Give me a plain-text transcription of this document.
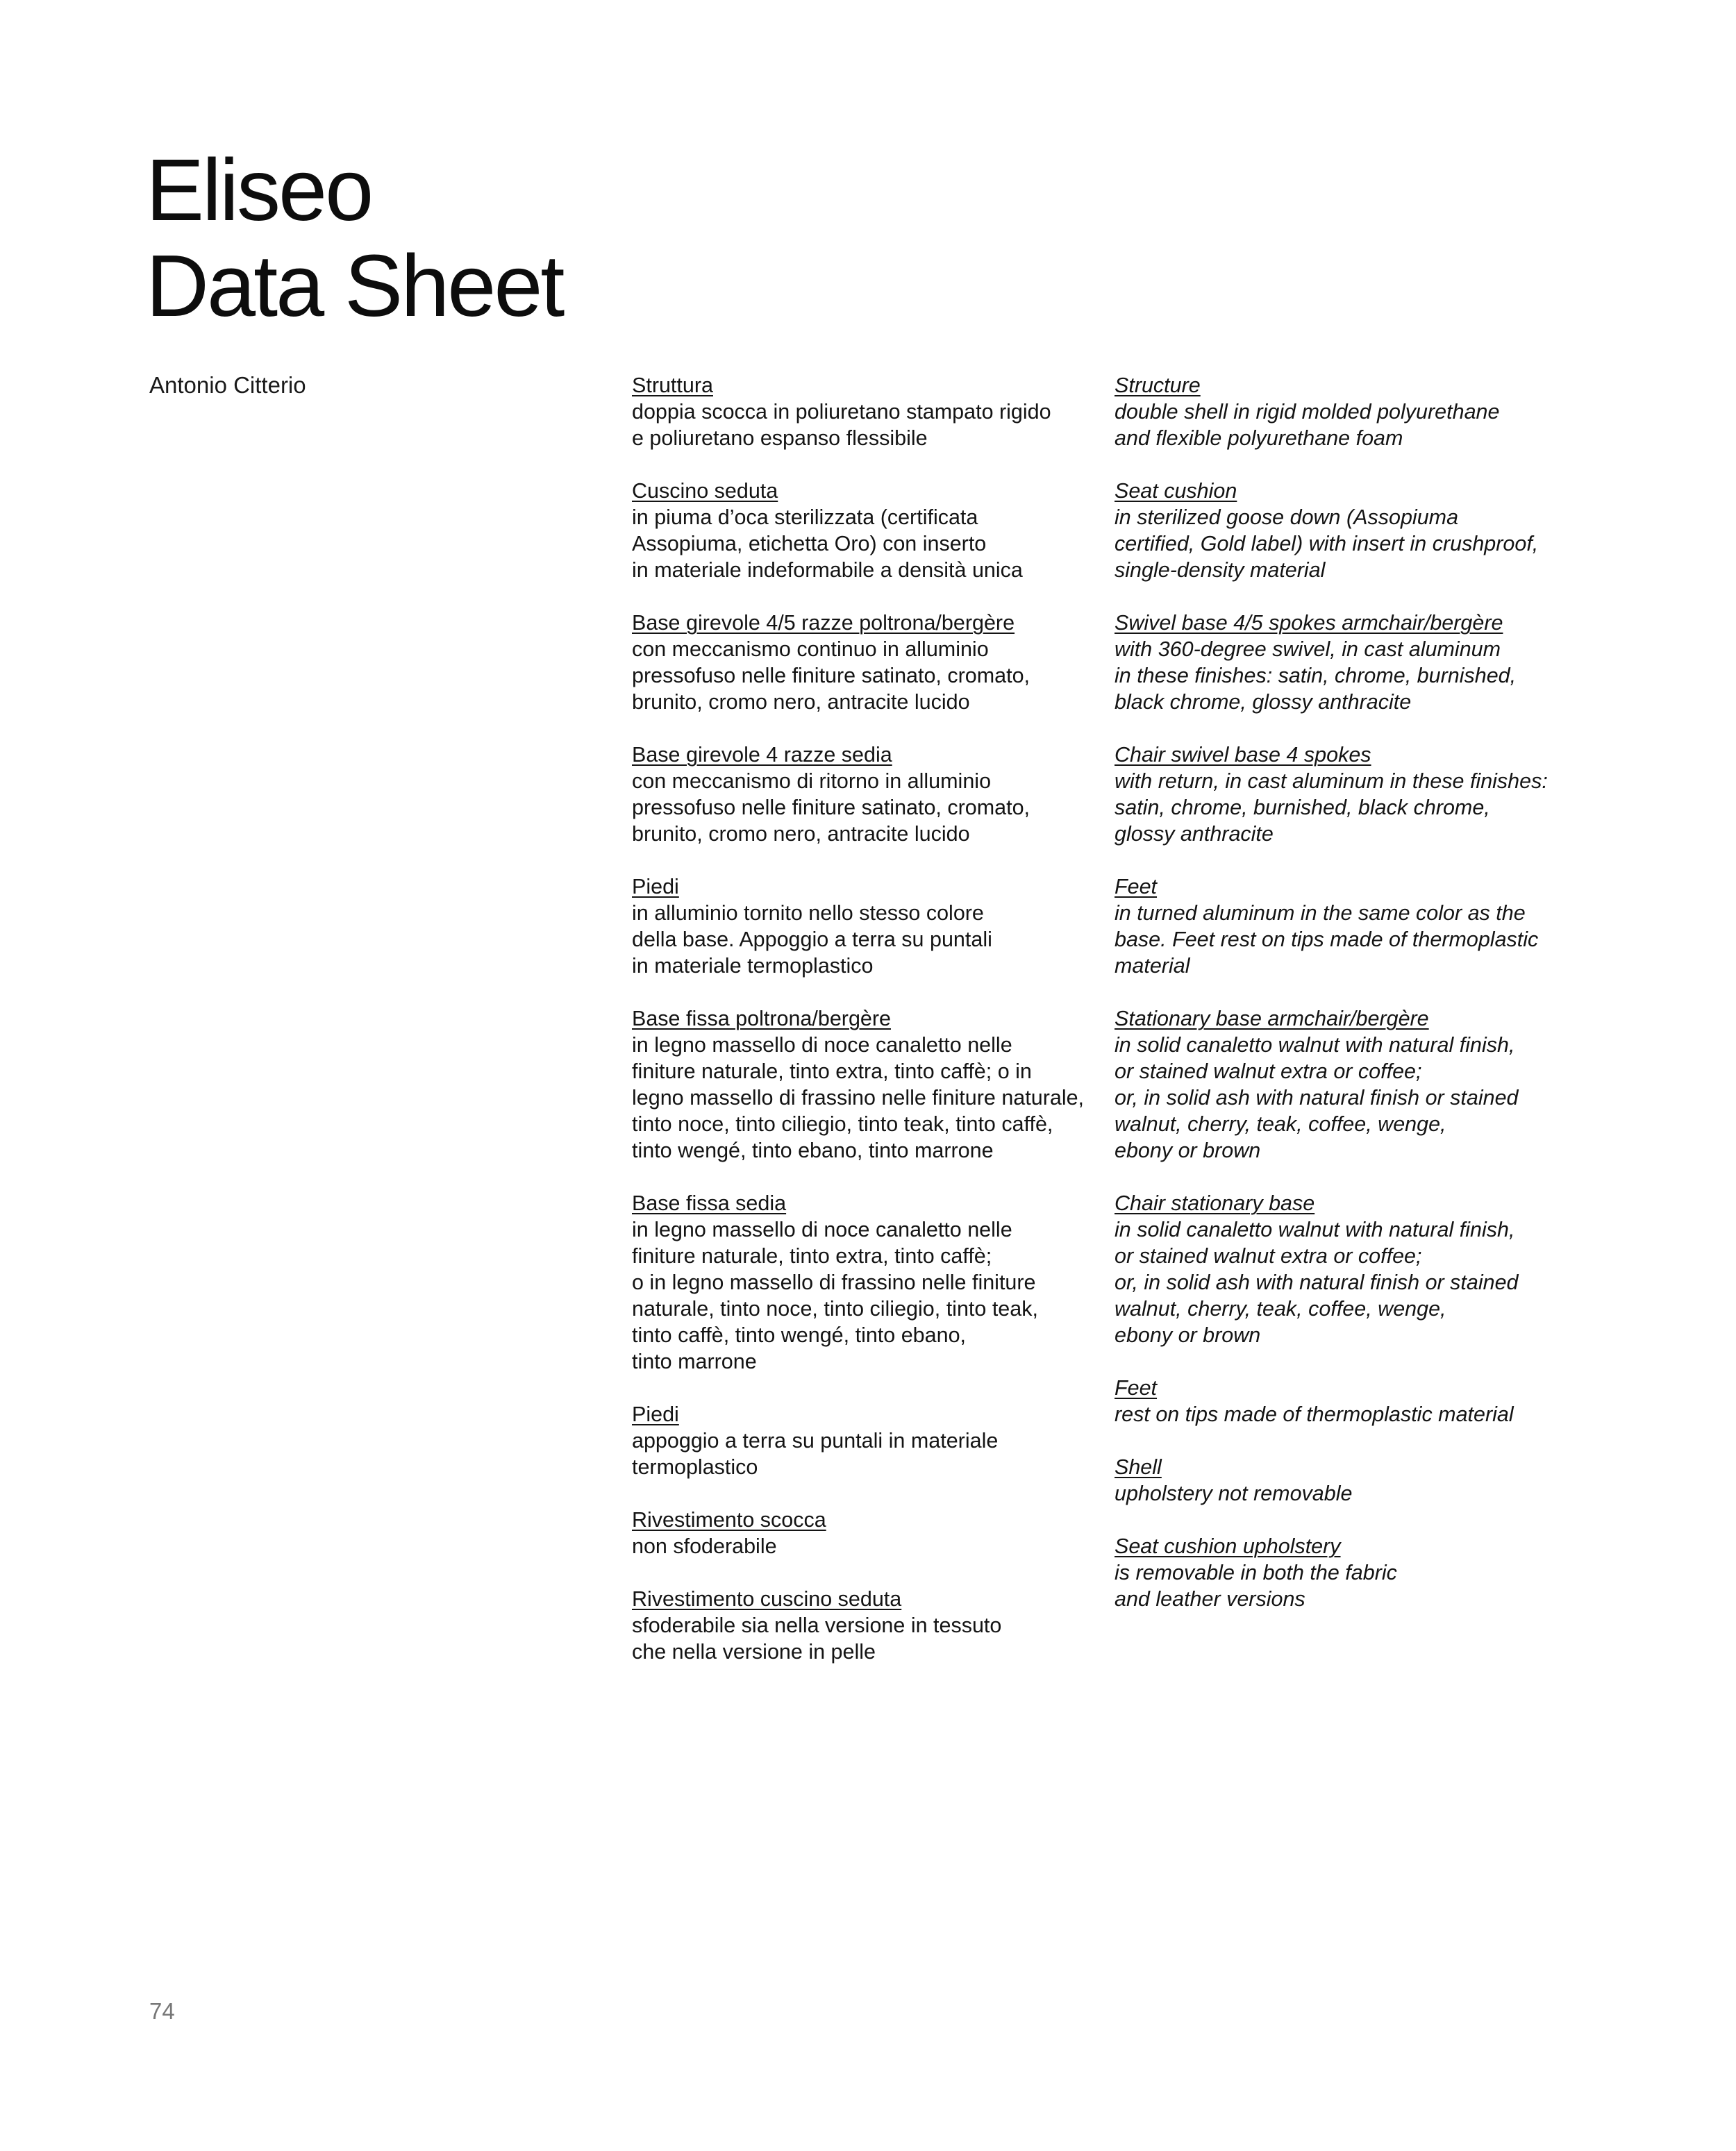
Eliseo
Data Sheet
Antonio Citterio	Struttura
doppia scocca in poliuretano stampato rigido
e poliuretano espanso flessibile
Cuscino seduta
in piuma d’oca sterilizzata (certificata
Assopiuma, etichetta Oro) con inserto
in materiale indeformabile a densità unica
Base girevole 4/5 razze poltrona/bergère
con meccanismo continuo in alluminio
pressofuso nelle finiture satinato, cromato,
brunito, cromo nero, antracite lucido
Base girevole 4 razze sedia
con meccanismo di ritorno in alluminio
pressofuso nelle finiture satinato, cromato,
brunito, cromo nero, antracite lucido
Piedi
in alluminio tornito nello stesso colore
della base. Appoggio a terra su puntali
in materiale termoplastico
Base fissa poltrona/bergère
in legno massello di noce canaletto nelle
finiture naturale, tinto extra, tinto caffè; o in
legno massello di frassino nelle finiture naturale,
tinto noce, tinto ciliegio, tinto teak, tinto caffè,
tinto wengé, tinto ebano, tinto marrone
Base fissa sedia
in legno massello di noce canaletto nelle
finiture naturale, tinto extra, tinto caffè;
o in legno massello di frassino nelle finiture
naturale, tinto noce, tinto ciliegio, tinto teak,
tinto caffè, tinto wengé, tinto ebano,
tinto marrone
Piedi
appoggio a terra su puntali in materiale
termoplastico
Rivestimento scocca
non sfoderabile
Rivestimento cuscino seduta
sfoderabile sia nella versione in tessuto
che nella versione in pelle
Structure
double shell in rigid molded polyurethane
and flexible polyurethane foam
Seat cushion
in sterilized goose down (Assopiuma
certified, Gold label) with insert in crushproof,
single-density material
Swivel base 4/5 spokes armchair/bergère
with 360-degree swivel, in cast aluminum
in these finishes: satin, chrome, burnished,
black chrome, glossy anthracite
Chair swivel base 4 spokes
with return, in cast aluminum in these finishes:
satin, chrome, burnished, black chrome,
glossy anthracite
Feet
in turned aluminum in the same color as the
base. Feet rest on tips made of thermoplastic
material
Stationary base armchair/bergère
in solid canaletto walnut with natural finish,
or stained walnut extra or coffee;
or, in solid ash with natural finish or stained
walnut, cherry, teak, coffee, wenge,
ebony or brown
Chair stationary base
in solid canaletto walnut with natural finish,
or stained walnut extra or coffee;
or, in solid ash with natural finish or stained
walnut, cherry, teak, coffee, wenge,
ebony or brown
Feet
rest on tips made of thermoplastic material
Shell
upholstery not removable
Seat cushion upholstery
is removable in both the fabric
and leather versions
74
